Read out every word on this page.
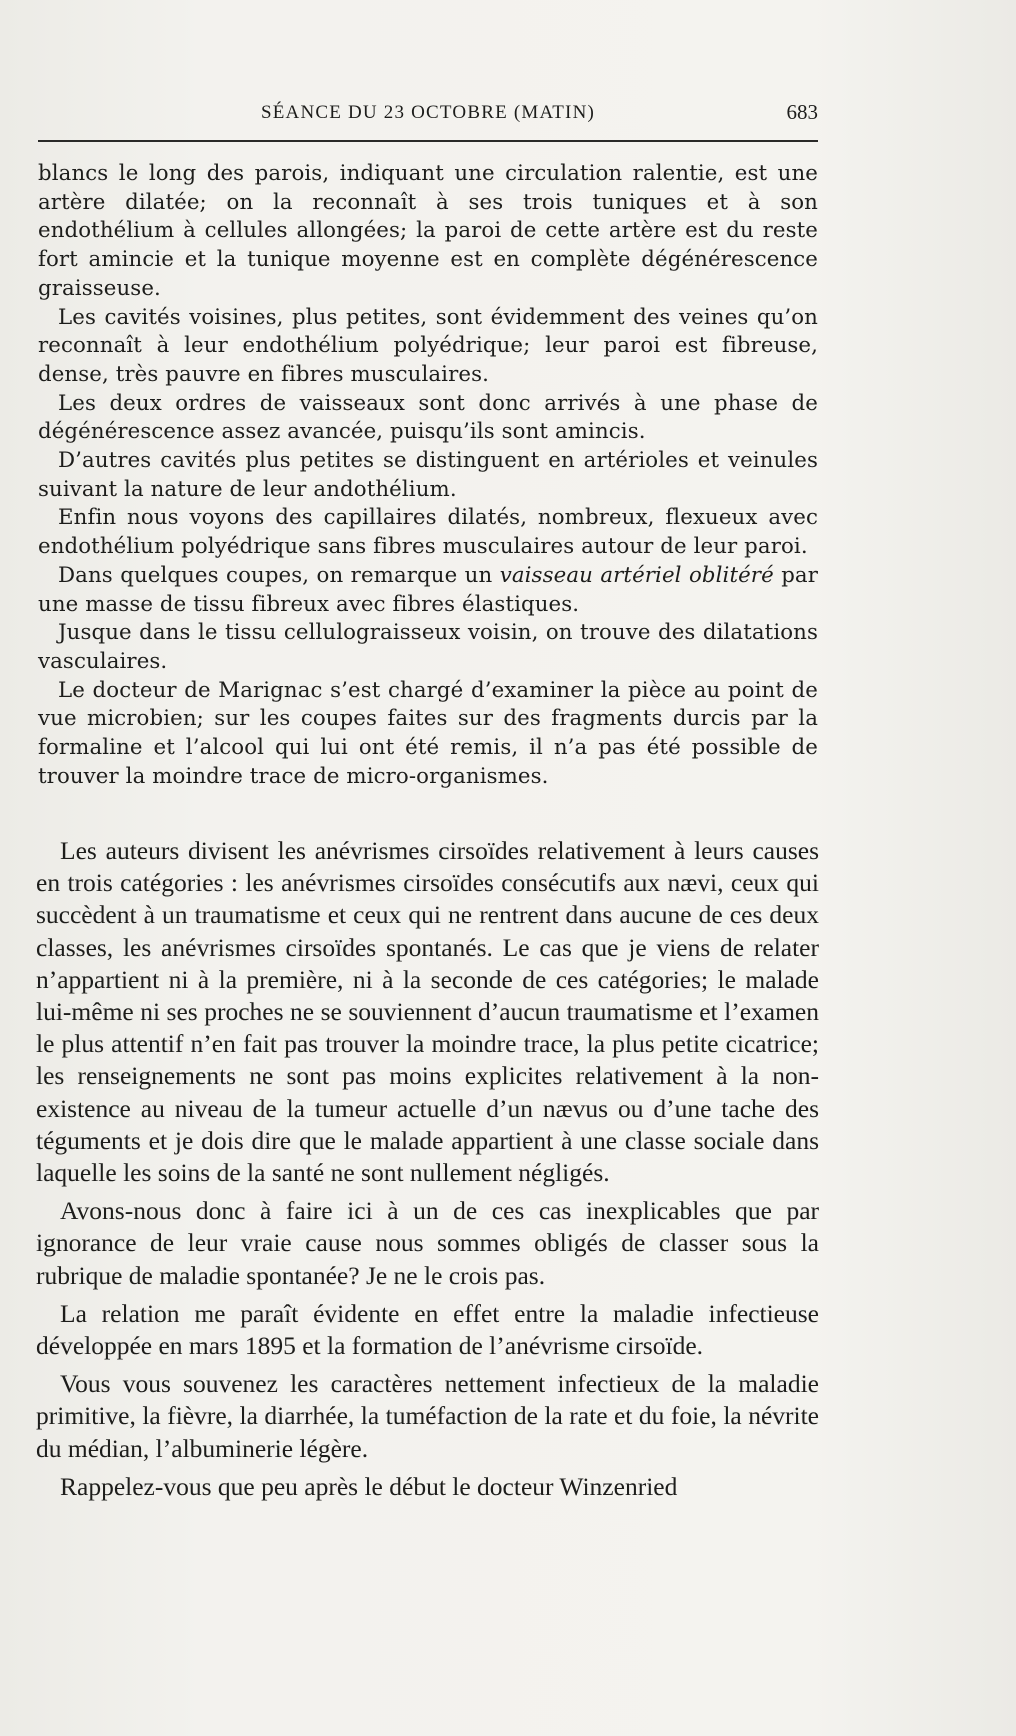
SÉANCE DU 23 OCTOBRE (MATIN)	683

blancs le long des parois, indiquant une circulation ralentie, est une artère dilatée; on la reconnaît à ses trois tuniques et à son endothélium à cellules allongées; la paroi de cette artère est du reste fort amincie et la tunique moyenne est en complète dégénérescence graisseuse.

Les cavités voisines, plus petites, sont évidemment des veines qu’on reconnaît à leur endothélium polyédrique; leur paroi est fibreuse, dense, très pauvre en fibres musculaires.

Les deux ordres de vaisseaux sont donc arrivés à une phase de dégénérescence assez avancée, puisqu’ils sont amincis.

D’autres cavités plus petites se distinguent en artérioles et veinules suivant la nature de leur andothélium.

Enfin nous voyons des capillaires dilatés, nombreux, flexueux avec endothélium polyédrique sans fibres musculaires autour de leur paroi.

Dans quelques coupes, on remarque un vaisseau artériel oblitéré par une masse de tissu fibreux avec fibres élastiques.

Jusque dans le tissu cellulograisseux voisin, on trouve des dilatations vasculaires.

Le docteur de Marignac s’est chargé d’examiner la pièce au point de vue microbien; sur les coupes faites sur des fragments durcis par la formaline et l’alcool qui lui ont été remis, il n’a pas été possible de trouver la moindre trace de micro-organismes.

Les auteurs divisent les anévrismes cirsoïdes relativement à leurs causes en trois catégories : les anévrismes cirsoïdes consécutifs aux nævi, ceux qui succèdent à un traumatisme et ceux qui ne rentrent dans aucune de ces deux classes, les anévrismes cirsoïdes spontanés. Le cas que je viens de relater n’appartient ni à la première, ni à la seconde de ces catégories; le malade lui-même ni ses proches ne se souviennent d’aucun traumatisme et l’examen le plus attentif n’en fait pas trouver la moindre trace, la plus petite cicatrice; les renseignements ne sont pas moins explicites relativement à la non-existence au niveau de la tumeur actuelle d’un nævus ou d’une tache des téguments et je dois dire que le malade appartient à une classe sociale dans laquelle les soins de la santé ne sont nullement négligés.

Avons-nous donc à faire ici à un de ces cas inexplicables que par ignorance de leur vraie cause nous sommes obligés de classer sous la rubrique de maladie spontanée? Je ne le crois pas.

La relation me paraît évidente en effet entre la maladie infectieuse développée en mars 1895 et la formation de l’anévrisme cirsoïde.

Vous vous souvenez les caractères nettement infectieux de la maladie primitive, la fièvre, la diarrhée, la tuméfaction de la rate et du foie, la névrite du médian, l’albuminerie légère.

Rappelez-vous que peu après le début le docteur Winzenried
